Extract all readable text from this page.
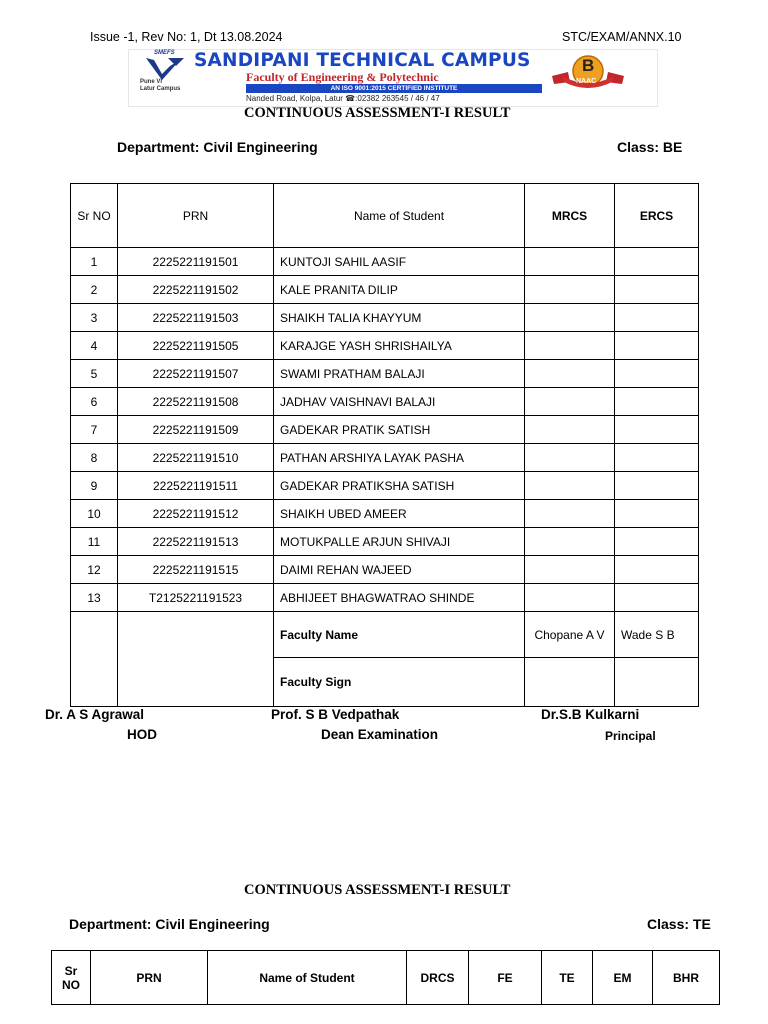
Issue -1, Rev No: 1, Dt 13.08.2024	STC/EXAM/ANNX.10
SMEFS
Pune VI
Latur Campus
SANDIPANI TECHNICAL CAMPUS
Faculty of Engineering & Polytechnic
AN ISO 9001:2015 CERTIFIED INSTITUTE
Nanded Road, Kolpa, Latur ☎:02382 263545 / 46 / 47
B
NAAC
CONTINUOUS ASSESSMENT-I RESULT
Department: Civil Engineering	Class: BE
Sr NO	PRN	Name of Student	MRCS	ERCS
1	2225221191501	KUNTOJI SAHIL AASIF		
2	2225221191502	KALE PRANITA DILIP		
3	2225221191503	SHAIKH TALIA KHAYYUM		
4	2225221191505	KARAJGE YASH SHRISHAILYA		
5	2225221191507	SWAMI PRATHAM BALAJI		
6	2225221191508	JADHAV VAISHNAVI BALAJI		
7	2225221191509	GADEKAR PRATIK SATISH		
8	2225221191510	PATHAN ARSHIYA LAYAK PASHA		
9	2225221191511	GADEKAR PRATIKSHA SATISH		
10	2225221191512	SHAIKH UBED AMEER		
11	2225221191513	MOTUKPALLE ARJUN SHIVAJI		
12	2225221191515	DAIMI REHAN WAJEED		
13	T2125221191523	ABHIJEET BHAGWATRAO SHINDE		
		Faculty Name	Chopane A V	Wade S B
		Faculty Sign		
Dr. A S Agrawal
HOD
Prof. S B Vedpathak
Dean Examination
Dr.S.B Kulkarni
Principal
CONTINUOUS ASSESSMENT-I RESULT
Department: Civil Engineering	Class: TE
Sr
NO	PRN	Name of Student	DRCS	FE	TE	EM	BHR
